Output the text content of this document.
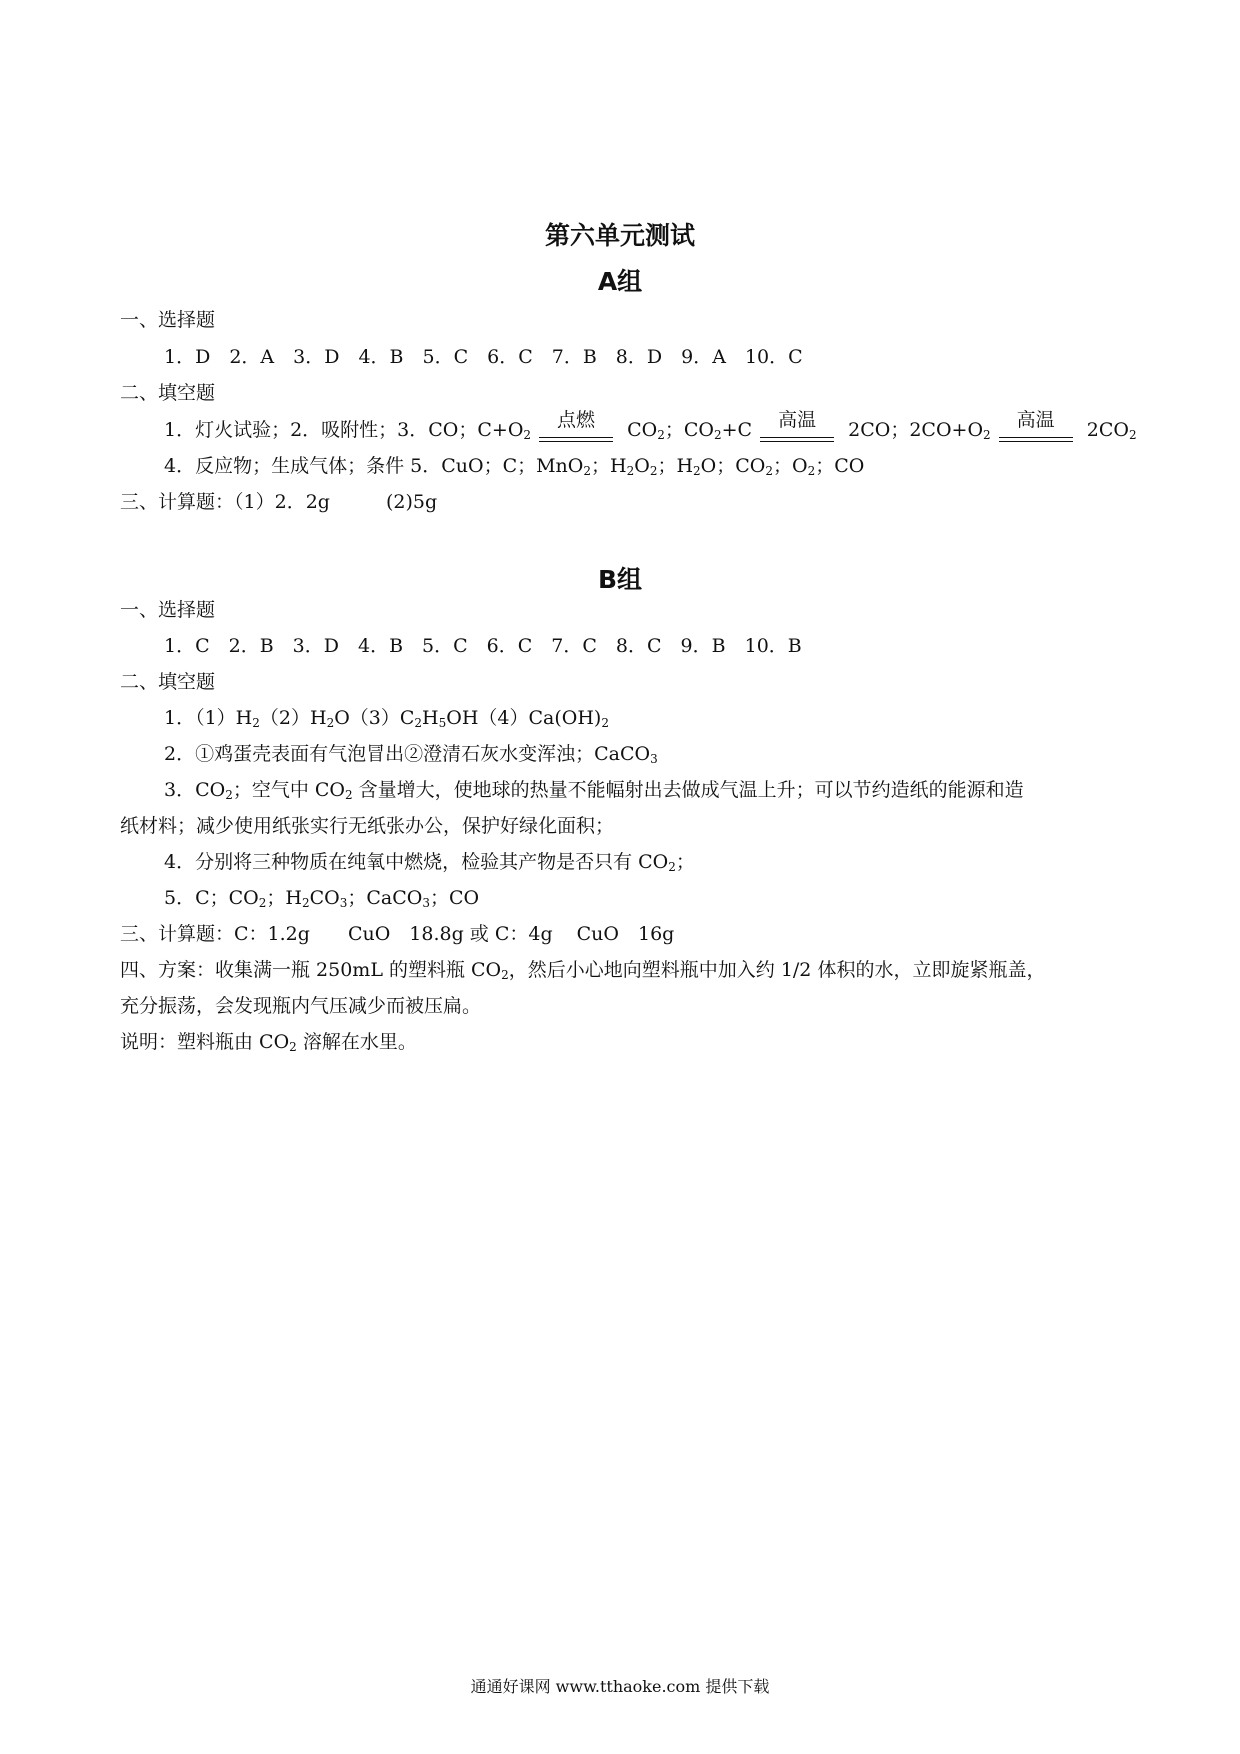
第六单元测试
A组
一、选择题
1．D　2．A　3．D　4．B　5．C　6．C　7．B　8．D　9．A　10．C
二、填空题
1．灯火试验；2．吸附性；3．CO；$C+O_2$
点燃	$CO_2$；$CO_2+C$	高温	2CO；$2CO+O_2$
高温	$2CO_2$
4．反应物；生成气体；条件 5．CuO；C；MnO$_2$；$H_2O_2$；$H_2O$；$CO_2$；$O_2$；CO
三、计算题：（1）2．2g	(2)5g
B组
一、选择题
1．C　2．B　3．D　4．B　5．C　6．C　7．C　8．C　9．B　10．B
二、填空题
1．$(1)H_2(2)H_2O(3)C_2H_5OH(4)Ca(OH)_2$
2．①鸡蛋壳表面有气泡冒出②澄清石灰水变浑浊；CaCO$_3$
3．$CO_2$；空气中 $CO_2$ 含量增大，使地球的热量不能幅射出去做成气温上升；可以节约造纸的能源和造
纸材料；减少使用纸张实行无纸张办公，保护好绿化面积；
4．分别将三种物质在纯氧中燃烧，检验其产物是否只有 $CO_2$；
5．C；$CO_2$；$H_2CO_3$；CaCO$_3$；CO
三、计算题：C：1.2g CuO　18.8g 或 C：4g CuO　16g
四、方案：收集满一瓶 250mL 的塑料瓶 $CO_2$，然后小心地向塑料瓶中加入约 1/2 体积的水，立即旋紧瓶盖，
充分振荡，会发现瓶内气压减少而被压扁。
说明：塑料瓶由 $CO_2$ 溶解在水里。
通通好课网 www.tthaoke.com 提供下载
